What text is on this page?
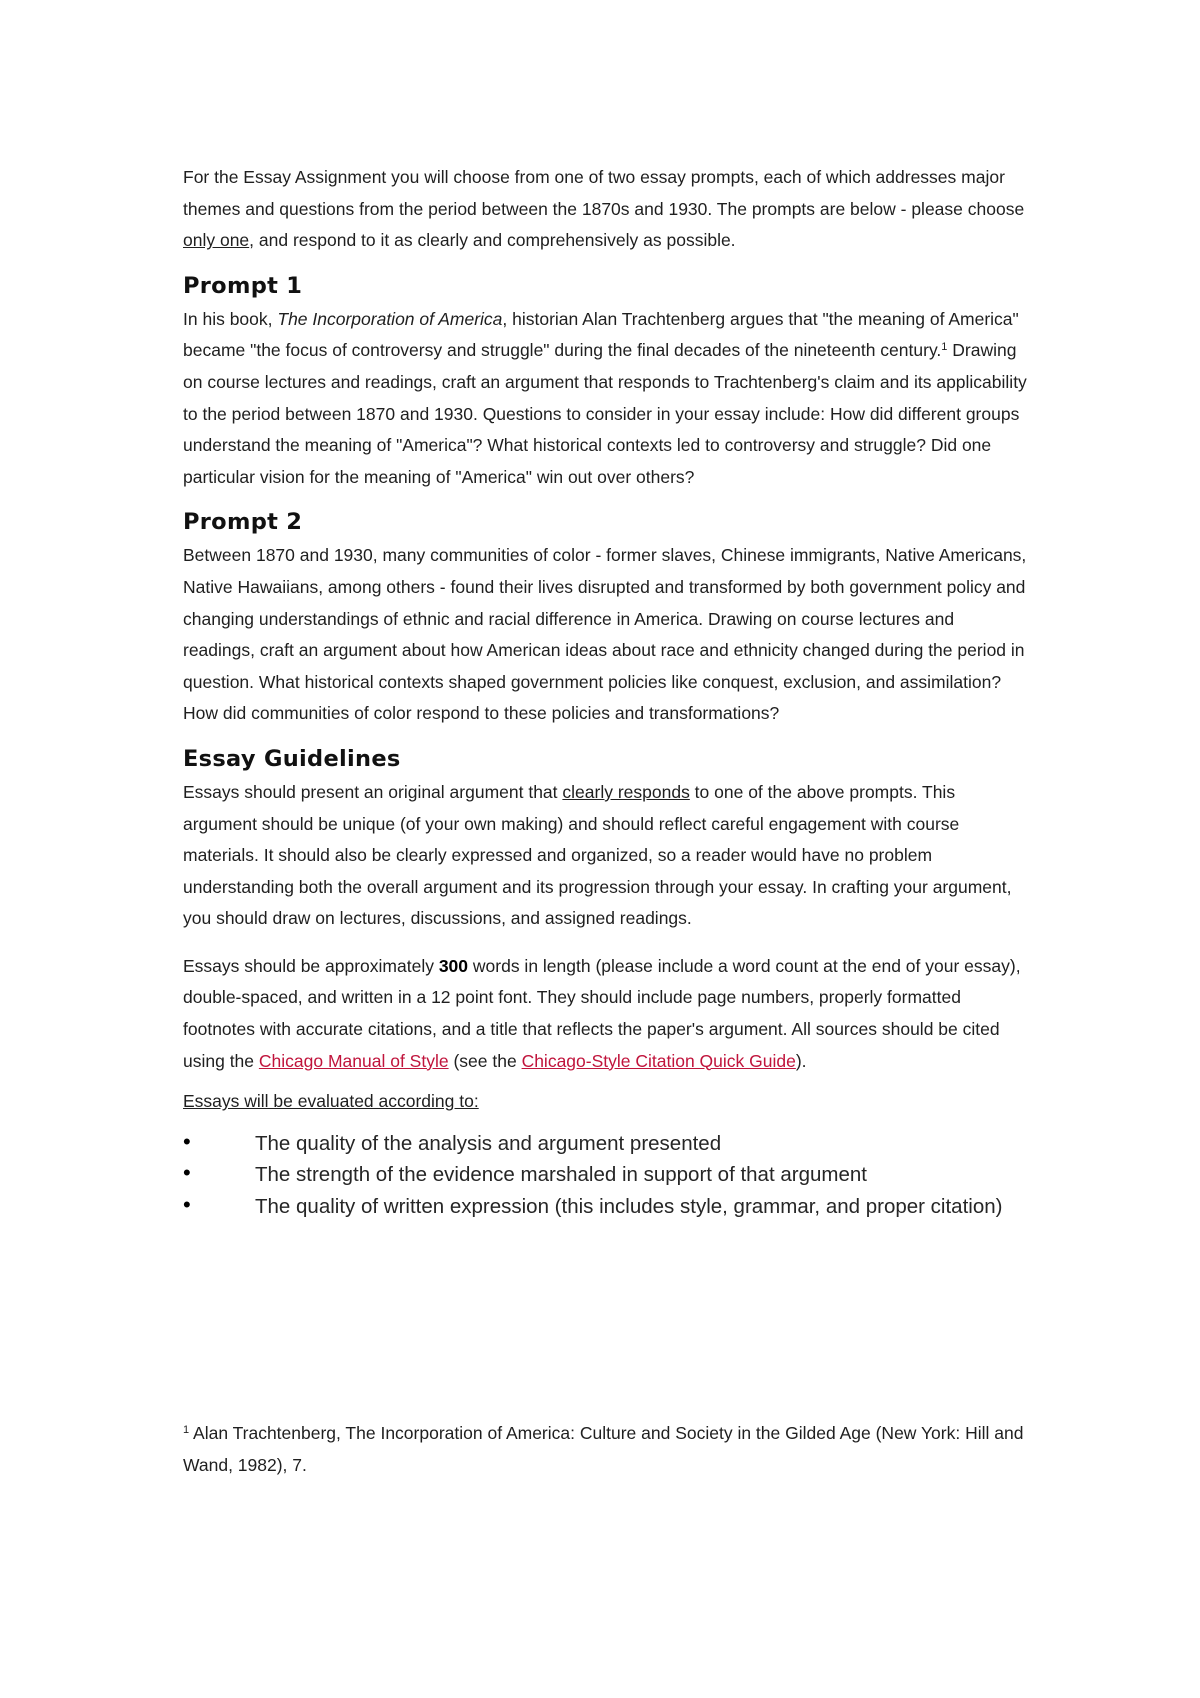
For the Essay Assignment you will choose from one of two essay prompts, each of which addresses major themes and questions from the period between the 1870s and 1930. The prompts are below - please choose only one, and respond to it as clearly and comprehensively as possible.

Prompt 1

In his book, The Incorporation of America, historian Alan Trachtenberg argues that "the meaning of America" became "the focus of controversy and struggle" during the final decades of the nineteenth century.$^1$ Drawing on course lectures and readings, craft an argument that responds to Trachtenberg's claim and its applicability to the period between 1870 and 1930. Questions to consider in your essay include: How did different groups understand the meaning of "America"? What historical contexts led to controversy and struggle? Did one particular vision for the meaning of "America" win out over others?

Prompt 2

Between 1870 and 1930, many communities of color - former slaves, Chinese immigrants, Native Americans, Native Hawaiians, among others - found their lives disrupted and transformed by both government policy and changing understandings of ethnic and racial difference in America. Drawing on course lectures and readings, craft an argument about how American ideas about race and ethnicity changed during the period in question. What historical contexts shaped government policies like conquest, exclusion, and assimilation? How did communities of color respond to these policies and transformations?

Essay Guidelines

Essays should present an original argument that clearly responds to one of the above prompts. This argument should be unique (of your own making) and should reflect careful engagement with course materials. It should also be clearly expressed and organized, so a reader would have no problem understanding both the overall argument and its progression through your essay. In crafting your argument, you should draw on lectures, discussions, and assigned readings.

Essays should be approximately 300 words in length (please include a word count at the end of your essay), double-spaced, and written in a 12 point font. They should include page numbers, properly formatted footnotes with accurate citations, and a title that reflects the paper's argument. All sources should be cited using the Chicago Manual of Style (see the Chicago-Style Citation Quick Guide).

Essays will be evaluated according to:

•	The quality of the analysis and argument presented
•	The strength of the evidence marshaled in support of that argument
•	The quality of written expression (this includes style, grammar, and proper citation)

$^1$ Alan Trachtenberg, The Incorporation of America: Culture and Society in the Gilded Age (New York: Hill and Wand, 1982), 7.
